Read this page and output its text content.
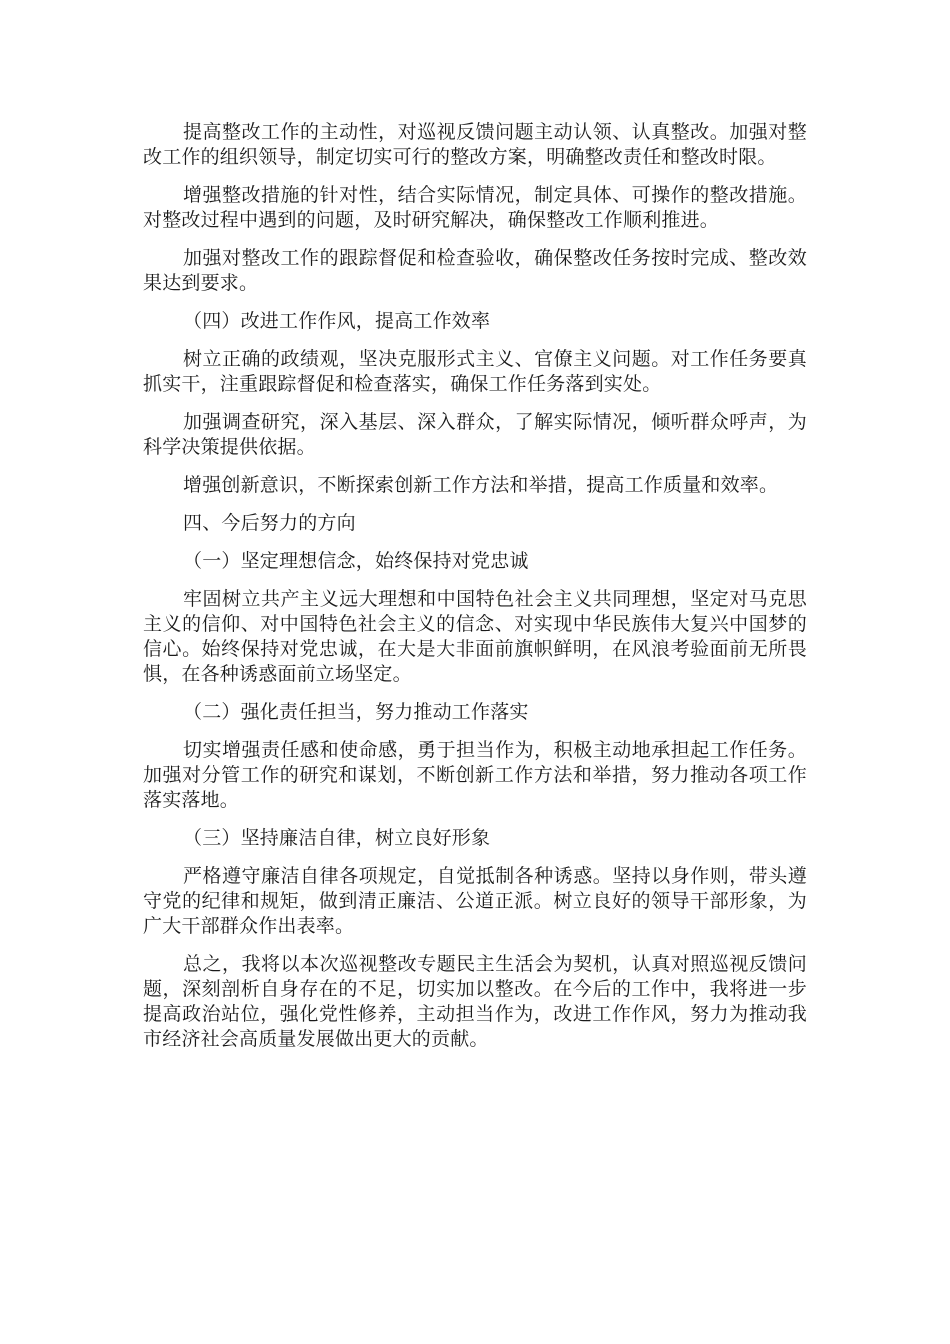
提高整改工作的主动性，对巡视反馈问题主动认领、认真整改。加强对整改工作的组织领导，制定切实可行的整改方案，明确整改责任和整改时限。

增强整改措施的针对性，结合实际情况，制定具体、可操作的整改措施。对整改过程中遇到的问题，及时研究解决，确保整改工作顺利推进。

加强对整改工作的跟踪督促和检查验收，确保整改任务按时完成、整改效果达到要求。

（四）改进工作作风，提高工作效率

树立正确的政绩观，坚决克服形式主义、官僚主义问题。对工作任务要真抓实干，注重跟踪督促和检查落实，确保工作任务落到实处。

加强调查研究，深入基层、深入群众，了解实际情况，倾听群众呼声，为科学决策提供依据。

增强创新意识，不断探索创新工作方法和举措，提高工作质量和效率。

四、今后努力的方向

（一）坚定理想信念，始终保持对党忠诚

牢固树立共产主义远大理想和中国特色社会主义共同理想，坚定对马克思主义的信仰、对中国特色社会主义的信念、对实现中华民族伟大复兴中国梦的信心。始终保持对党忠诚，在大是大非面前旗帜鲜明，在风浪考验面前无所畏惧，在各种诱惑面前立场坚定。

（二）强化责任担当，努力推动工作落实

切实增强责任感和使命感，勇于担当作为，积极主动地承担起工作任务。加强对分管工作的研究和谋划，不断创新工作方法和举措，努力推动各项工作落实落地。

（三）坚持廉洁自律，树立良好形象

严格遵守廉洁自律各项规定，自觉抵制各种诱惑。坚持以身作则，带头遵守党的纪律和规矩，做到清正廉洁、公道正派。树立良好的领导干部形象，为广大干部群众作出表率。

总之，我将以本次巡视整改专题民主生活会为契机，认真对照巡视反馈问题，深刻剖析自身存在的不足，切实加以整改。在今后的工作中，我将进一步提高政治站位，强化党性修养，主动担当作为，改进工作作风，努力为推动我市经济社会高质量发展做出更大的贡献。
